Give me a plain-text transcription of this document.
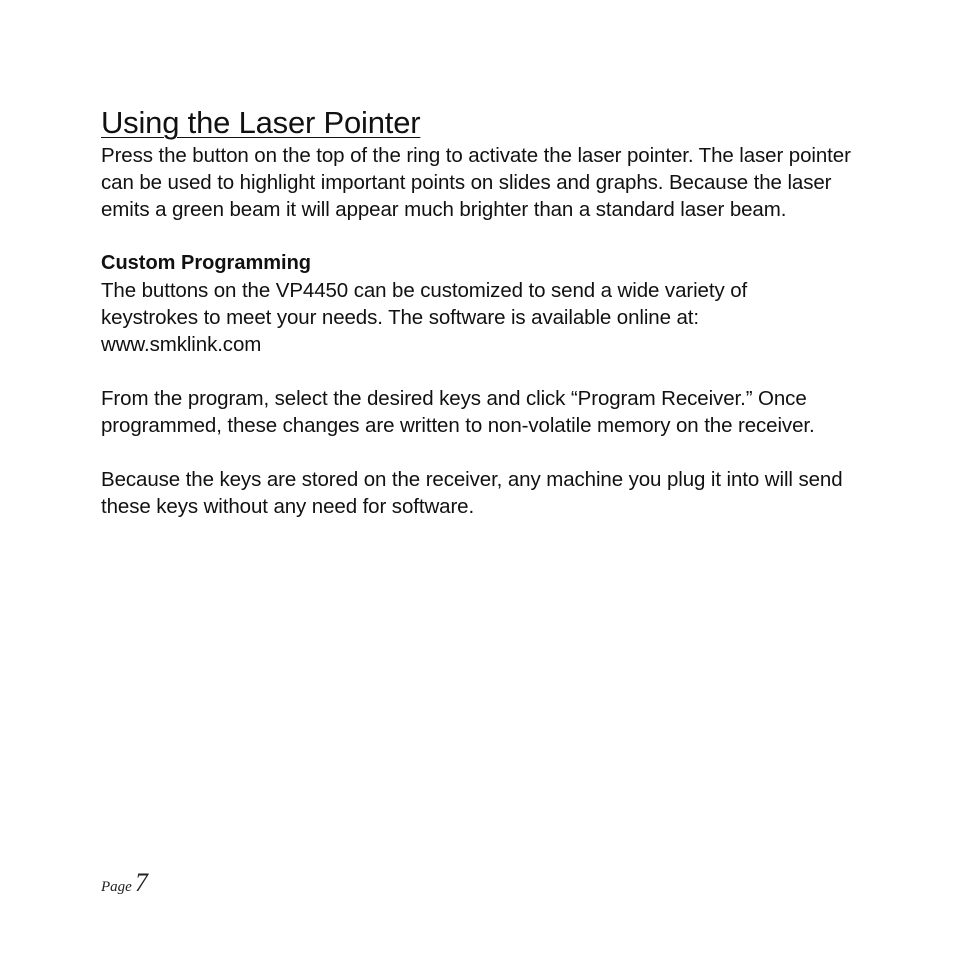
Using the Laser Pointer

Press the button on the top of the ring to activate the laser pointer. The laser pointer can be used to highlight important points on slides and graphs. Because the laser emits a green beam it will appear much brighter than a standard laser beam.

Custom Programming

The buttons on the VP4450 can be customized to send a wide variety of
keystrokes to meet your needs. The software is available online at:
www.smklink.com

From the program, select the desired keys and click “Program Receiver.” Once programmed, these changes are written to non-volatile memory on the receiver.

Because the keys are stored on the receiver, any machine you plug it into will send these keys without any need for software.

Page 7
